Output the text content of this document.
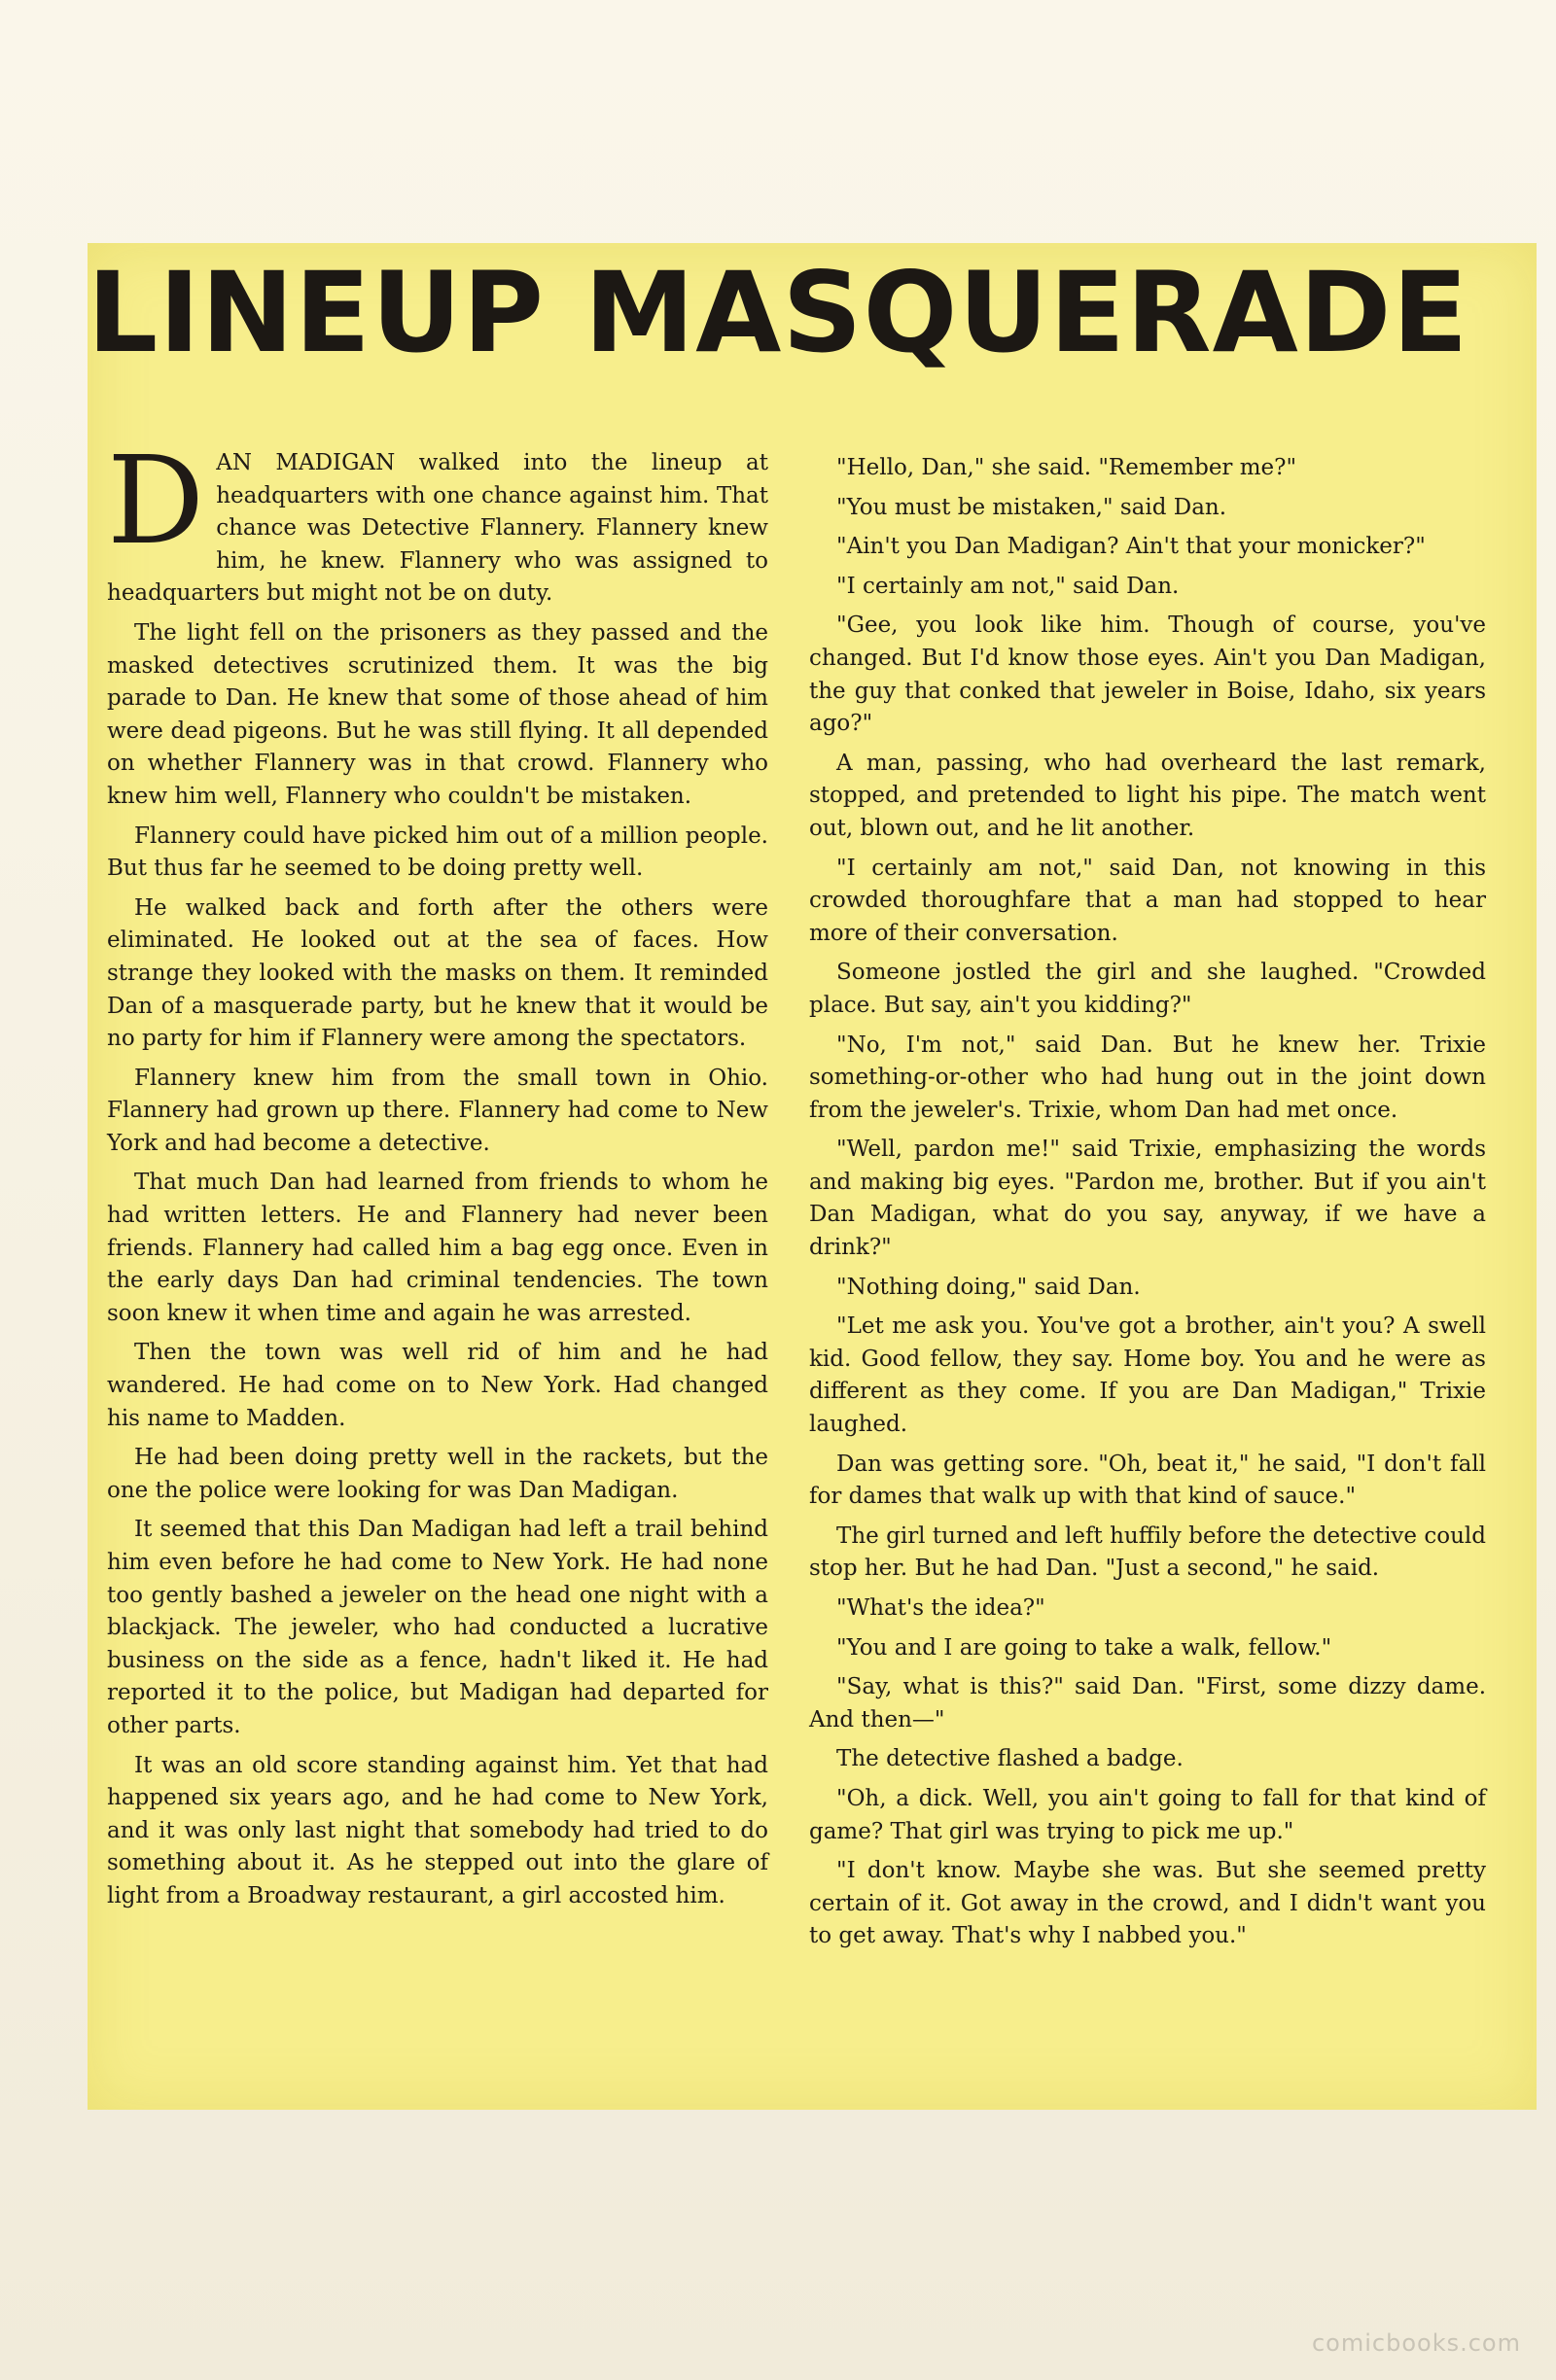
LINEUP MASQUERADE

DAN MADIGAN walked into the lineup at headquarters with one chance against him. That chance was Detective Flannery. Flannery knew him, he knew. Flannery who was assigned to headquarters but might not be on duty.

The light fell on the prisoners as they passed and the masked detectives scrutinized them. It was the big parade to Dan. He knew that some of those ahead of him were dead pigeons. But he was still flying. It all depended on whether Flannery was in that crowd. Flannery who knew him well, Flannery who couldn't be mistaken.

Flannery could have picked him out of a million people. But thus far he seemed to be doing pretty well.

He walked back and forth after the others were eliminated. He looked out at the sea of faces. How strange they looked with the masks on them. It reminded Dan of a masquerade party, but he knew that it would be no party for him if Flannery were among the spectators.

Flannery knew him from the small town in Ohio. Flannery had grown up there. Flannery had come to New York and had become a detective.

That much Dan had learned from friends to whom he had written letters. He and Flannery had never been friends. Flannery had called him a bag egg once. Even in the early days Dan had criminal tendencies. The town soon knew it when time and again he was arrested.

Then the town was well rid of him and he had wandered. He had come on to New York. Had changed his name to Madden.

He had been doing pretty well in the rackets, but the one the police were looking for was Dan Madigan.

It seemed that this Dan Madigan had left a trail behind him even before he had come to New York. He had none too gently bashed a jeweler on the head one night with a blackjack. The jeweler, who had conducted a lucrative business on the side as a fence, hadn't liked it. He had reported it to the police, but Madigan had departed for other parts.

It was an old score standing against him. Yet that had happened six years ago, and he had come to New York, and it was only last night that somebody had tried to do something about it. As he stepped out into the glare of light from a Broadway restaurant, a girl accosted him.

"Hello, Dan," she said. "Remember me?"

"You must be mistaken," said Dan.

"Ain't you Dan Madigan? Ain't that your monicker?"

"I certainly am not," said Dan.

"Gee, you look like him. Though of course, you've changed. But I'd know those eyes. Ain't you Dan Madigan, the guy that conked that jeweler in Boise, Idaho, six years ago?"

A man, passing, who had overheard the last remark, stopped, and pretended to light his pipe. The match went out, blown out, and he lit another.

"I certainly am not," said Dan, not knowing in this crowded thoroughfare that a man had stopped to hear more of their conversation.

Someone jostled the girl and she laughed. "Crowded place. But say, ain't you kidding?"

"No, I'm not," said Dan. But he knew her. Trixie something-or-other who had hung out in the joint down from the jeweler's. Trixie, whom Dan had met once.

"Well, pardon me!" said Trixie, emphasizing the words and making big eyes. "Pardon me, brother. But if you ain't Dan Madigan, what do you say, anyway, if we have a drink?"

"Nothing doing," said Dan.

"Let me ask you. You've got a brother, ain't you? A swell kid. Good fellow, they say. Home boy. You and he were as different as they come. If you are Dan Madigan," Trixie laughed.

Dan was getting sore. "Oh, beat it," he said, "I don't fall for dames that walk up with that kind of sauce."

The girl turned and left huffily before the detective could stop her. But he had Dan. "Just a second," he said.

"What's the idea?"

"You and I are going to take a walk, fellow."

"Say, what is this?" said Dan. "First, some dizzy dame. And then—"

The detective flashed a badge.

"Oh, a dick. Well, you ain't going to fall for that kind of game? That girl was trying to pick me up."

"I don't know. Maybe she was. But she seemed pretty certain of it. Got away in the crowd, and I didn't want you to get away. That's why I nabbed you."

comicbooks.com
